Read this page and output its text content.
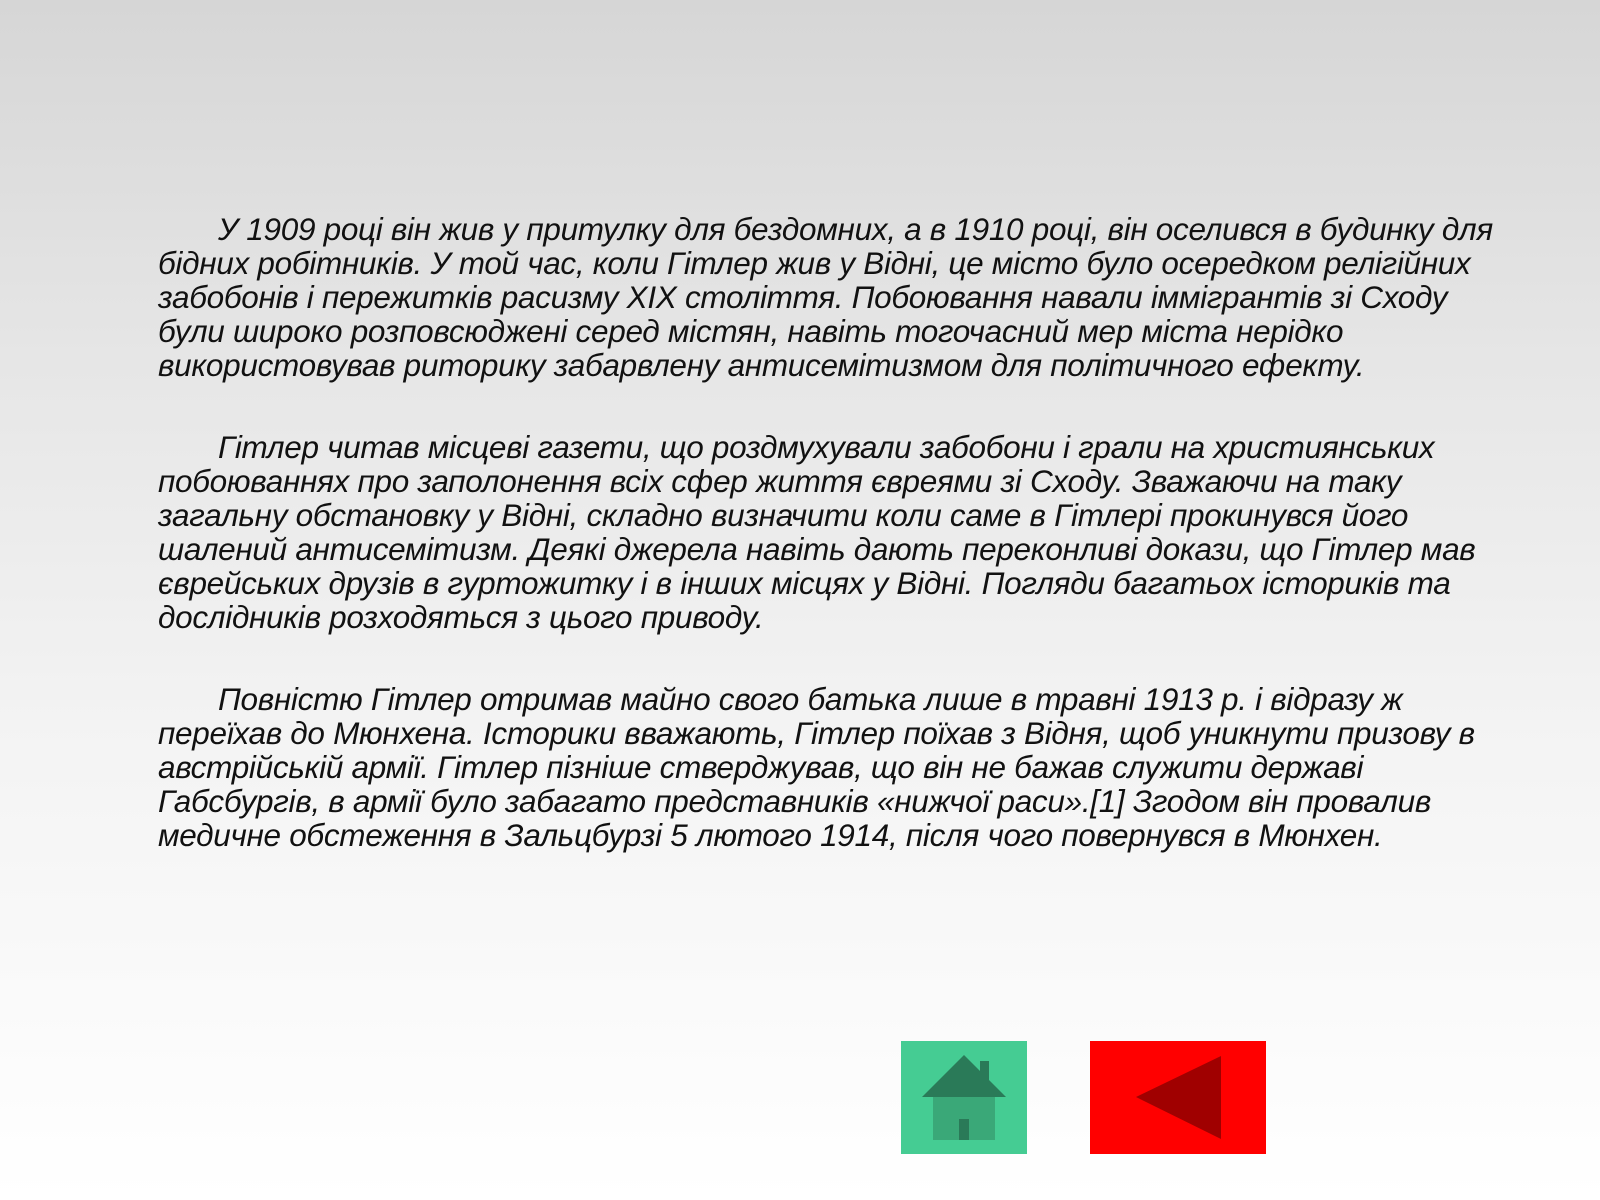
У 1909 році він жив у притулку для бездомних, а в 1910 році, він оселився в будинку для бідних робітників. У той час, коли Гітлер жив у Відні, це місто було осередком релігійних забобонів і пережитків расизму XIX століття. Побоювання навали іммігрантів зі Сходу були широко розповсюджені серед містян, навіть тогочасний мер міста нерідко використовував риторику забарвлену антисемітизмом для політичного ефекту.

Гітлер читав місцеві газети, що роздмухували забобони і грали на християнських побоюваннях про заполонення всіх сфер життя євреями зі Сходу. Зважаючи на таку загальну обстановку у Відні, складно визначити коли саме в Гітлері прокинувся його шалений антисемітизм. Деякі джерела навіть дають переконливі докази, що Гітлер мав єврейських друзів в гуртожитку і в інших місцях у Відні. Погляди багатьох істориків та дослідників розходяться з цього приводу.

Повністю Гітлер отримав майно свого батька лише в травні 1913 р. і відразу ж переїхав до Мюнхена. Історики вважають, Гітлер поїхав з Відня, щоб уникнути призову в австрійській армії. Гітлер пізніше стверджував, що він не бажав служити державі Габсбургів, в армії було забагато представників «нижчої раси».[1] Згодом він провалив медичне обстеження в Зальцбурзі 5 лютого 1914, після чого повернувся в Мюнхен.
